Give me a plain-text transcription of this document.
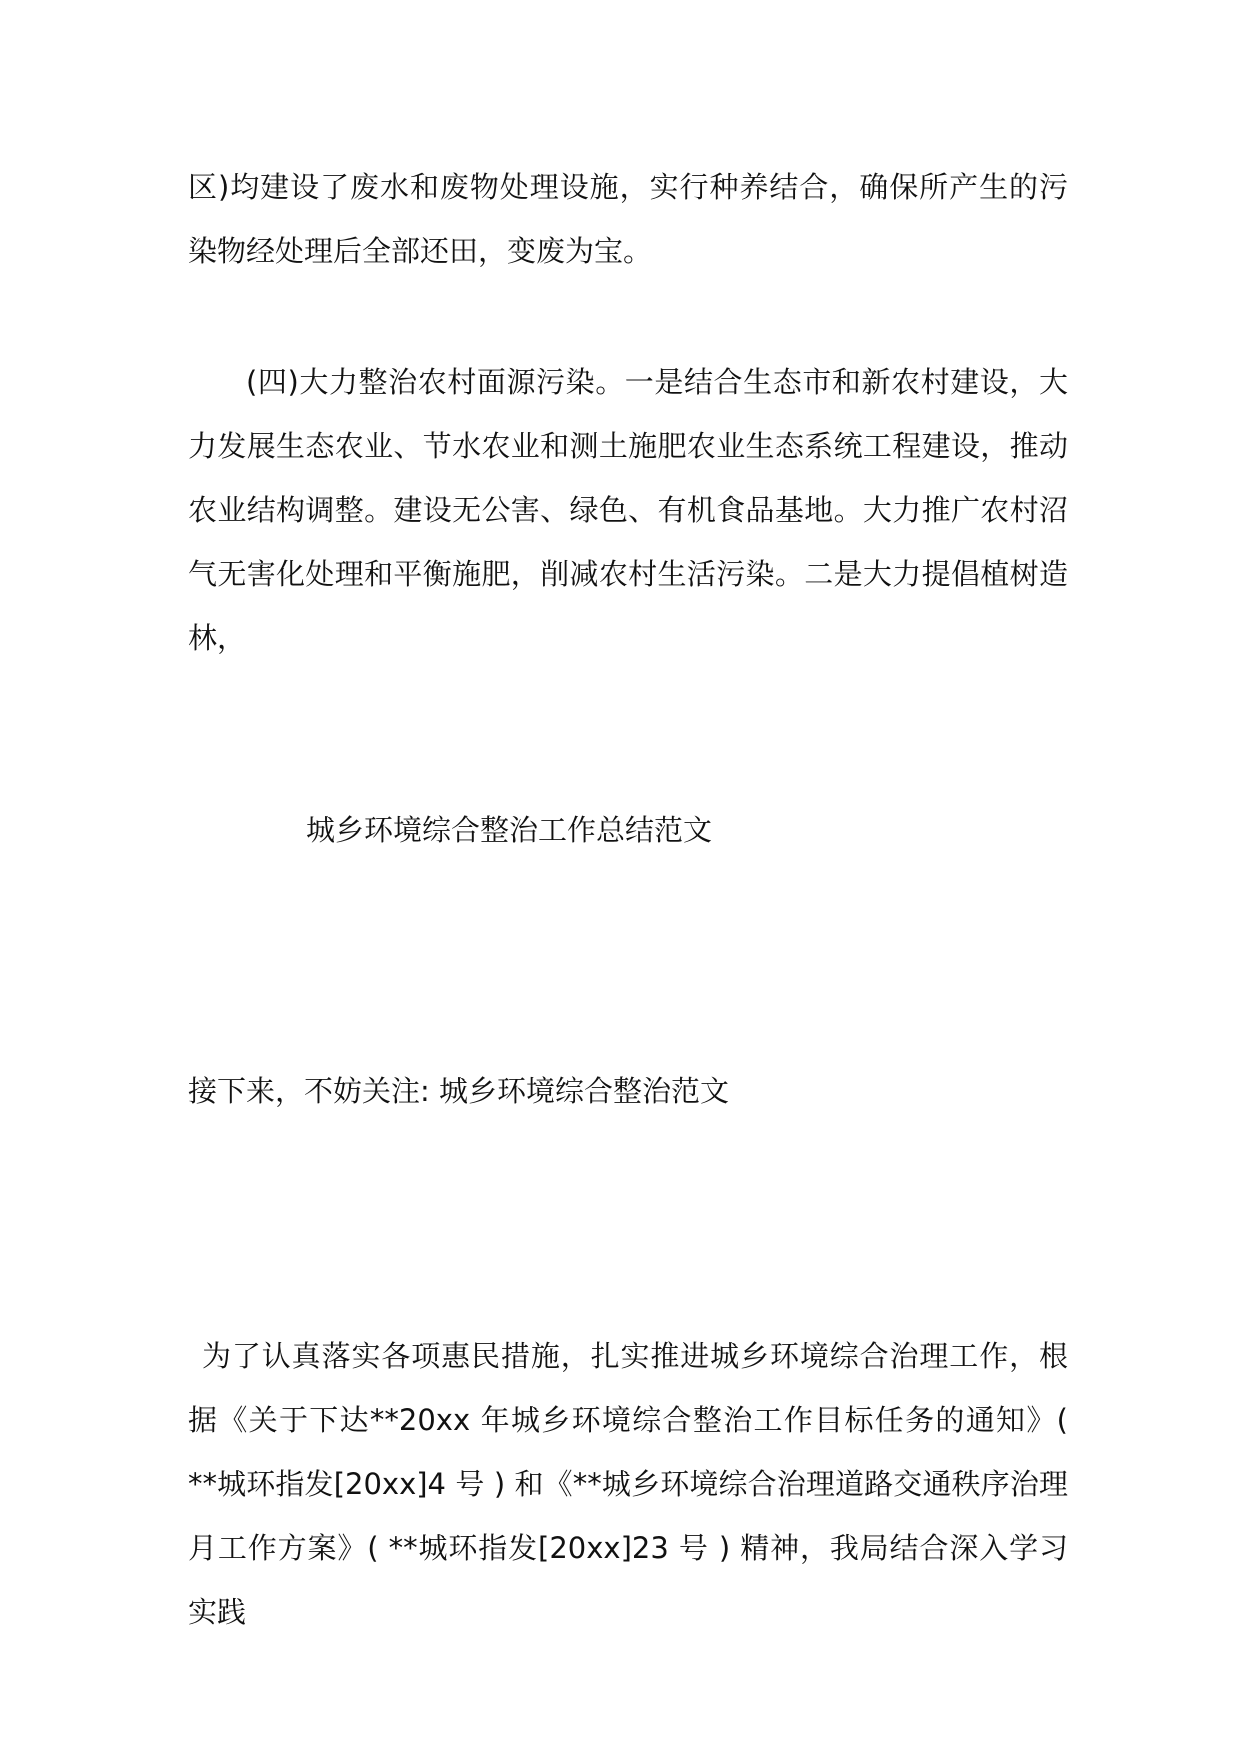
区)均建设了废水和废物处理设施，实行种养结合，确保所产生的污染物经处理后全部还田，变废为宝。

(四)大力整治农村面源污染。一是结合生态市和新农村建设，大力发展生态农业、节水农业和测土施肥农业生态系统工程建设，推动农业结构调整。建设无公害、绿色、有机食品基地。大力推广农村沼气无害化处理和平衡施肥，削减农村生活污染。二是大力提倡植树造林，

城乡环境综合整治工作总结范文

接下来，不妨关注: 城乡环境综合整治范文

为了认真落实各项惠民措施，扎实推进城乡环境综合治理工作，根据《关于下达**20xx 年城乡环境综合整治工作目标任务的通知》( **城环指发[20xx]4 号 ) 和《**城乡环境综合治理道路交通秩序治理月工作方案》( **城环指发[20xx]23 号 ) 精神，我局结合深入学习实践
